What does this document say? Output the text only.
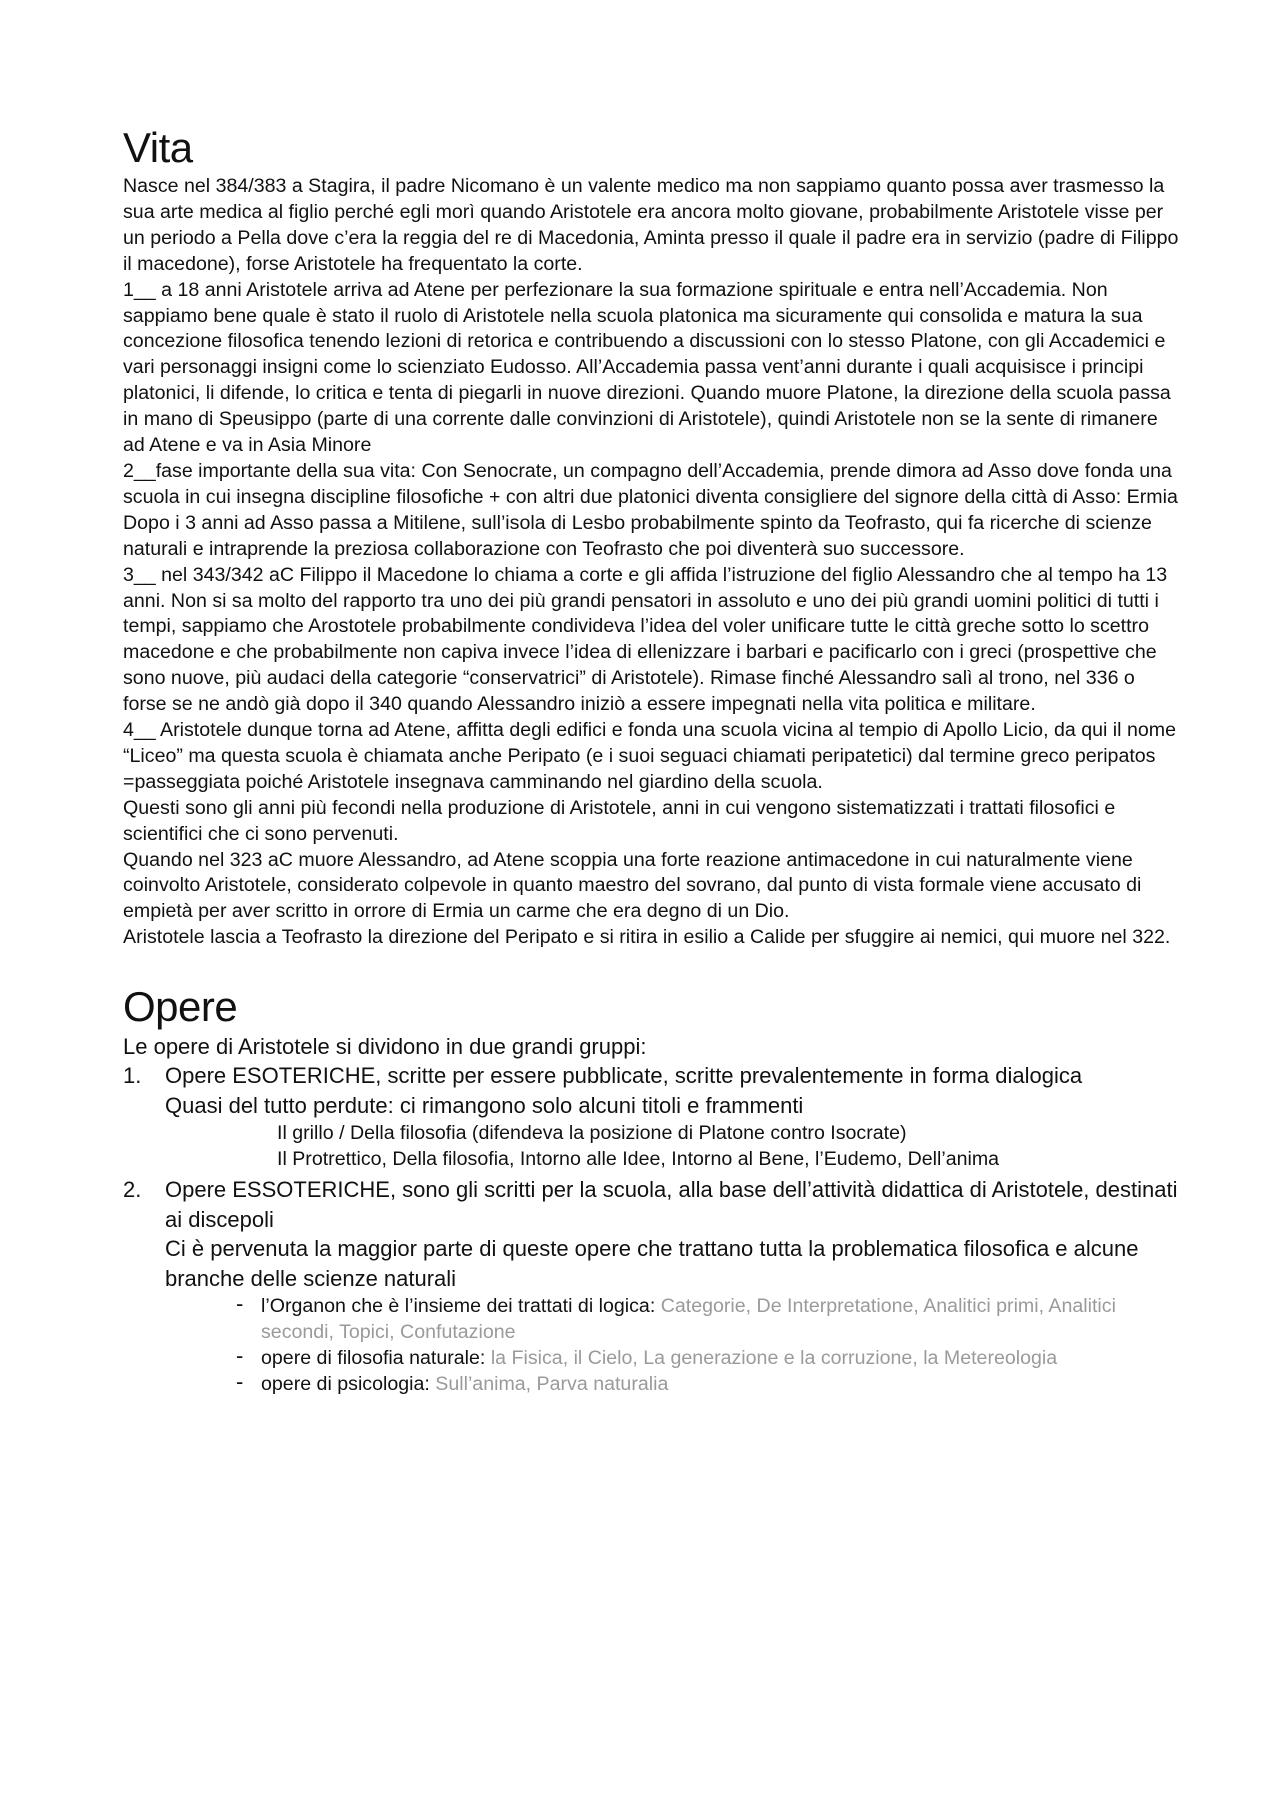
Vita

Nasce nel 384/383 a Stagira, il padre Nicomano è un valente medico ma non sappiamo quanto possa aver trasmesso la sua arte medica al figlio perché egli morì quando Aristotele era ancora molto giovane, probabilmente Aristotele visse per un periodo a Pella dove c’era la reggia del re di Macedonia, Aminta presso il quale il padre era in servizio (padre di Filippo il macedone), forse Aristotele ha frequentato la corte.

1__ a 18 anni Aristotele arriva ad Atene per perfezionare la sua formazione spirituale e entra nell’Accademia. Non sappiamo bene quale è stato il ruolo di Aristotele nella scuola platonica ma sicuramente qui consolida e matura la sua concezione filosofica tenendo lezioni di retorica e contribuendo a discussioni con lo stesso Platone, con gli Accademici e vari personaggi insigni come lo scienziato Eudosso. All’Accademia passa vent’anni durante i quali acquisisce i principi platonici, li difende, lo critica e tenta di piegarli in nuove direzioni. Quando muore Platone, la direzione della scuola passa in mano di Speusippo (parte di una corrente dalle convinzioni di Aristotele), quindi Aristotele non se la sente di rimanere ad Atene e va in Asia Minore

2__fase importante della sua vita: Con Senocrate, un compagno dell’Accademia, prende dimora ad Asso dove fonda una scuola in cui insegna discipline filosofiche + con altri due platonici diventa consigliere del signore della città di Asso: Ermia

Dopo i 3 anni ad Asso passa a Mitilene, sull’isola di Lesbo probabilmente spinto da Teofrasto, qui fa ricerche di scienze naturali e intraprende la preziosa collaborazione con Teofrasto che poi diventerà suo successore.

3__ nel 343/342 aC Filippo il Macedone lo chiama a corte e gli affida l’istruzione del figlio Alessandro che al tempo ha 13 anni. Non si sa molto del rapporto tra uno dei più grandi pensatori in assoluto e uno dei più grandi uomini politici di tutti i tempi, sappiamo che Arostotele probabilmente condivideva l’idea del voler unificare tutte le città greche sotto lo scettro macedone e che probabilmente non capiva invece l’idea di ellenizzare i barbari e pacificarlo con i greci (prospettive che sono nuove, più audaci della categorie “conservatrici” di Aristotele). Rimase finché Alessandro salì al trono, nel 336 o forse se ne andò già dopo il 340 quando Alessandro iniziò a essere impegnati nella vita politica e militare.

4__ Aristotele dunque torna ad Atene, affitta degli edifici e fonda una scuola vicina al tempio di Apollo Licio, da qui il nome “Liceo” ma questa scuola è chiamata anche Peripato (e i suoi seguaci chiamati peripatetici) dal termine greco peripatos =passeggiata poiché Aristotele insegnava camminando nel giardino della scuola.

Questi sono gli anni più fecondi nella produzione di Aristotele, anni in cui vengono sistematizzati i trattati filosofici e scientifici che ci sono pervenuti.

Quando nel 323 aC muore Alessandro, ad Atene scoppia una forte reazione antimacedone in cui naturalmente viene coinvolto Aristotele, considerato colpevole in quanto maestro del sovrano, dal punto di vista formale viene accusato di empietà per aver scritto in orrore di Ermia un carme che era degno di un Dio.

Aristotele lascia a Teofrasto la direzione del Peripato e si ritira in esilio a Calide per sfuggire ai nemici, qui muore nel 322.

Opere

Le opere di Aristotele si dividono in due grandi gruppi:

1. Opere ESOTERICHE, scritte per essere pubblicate, scritte prevalentemente in forma dialogica

Quasi del tutto perdute: ci rimangono solo alcuni titoli e frammenti

Il grillo / Della filosofia (difendeva la posizione di Platone contro Isocrate)

Il Protrettico, Della filosofia, Intorno alle Idee, Intorno al Bene, l’Eudemo, Dell’anima

2. Opere ESSOTERICHE, sono gli scritti per la scuola, alla base dell’attività didattica di Aristotele, destinati ai discepoli

Ci è pervenuta la maggior parte di queste opere che trattano tutta la problematica filosofica e alcune branche delle scienze naturali

- l’Organon che è l’insieme dei trattati di logica: Categorie, De Interpretatione, Analitici primi, Analitici secondi, Topici, Confutazione
- opere di filosofia naturale: la Fisica, il Cielo, La generazione e la corruzione, la Metereologia
- opere di psicologia: Sull’anima, Parva naturalia
